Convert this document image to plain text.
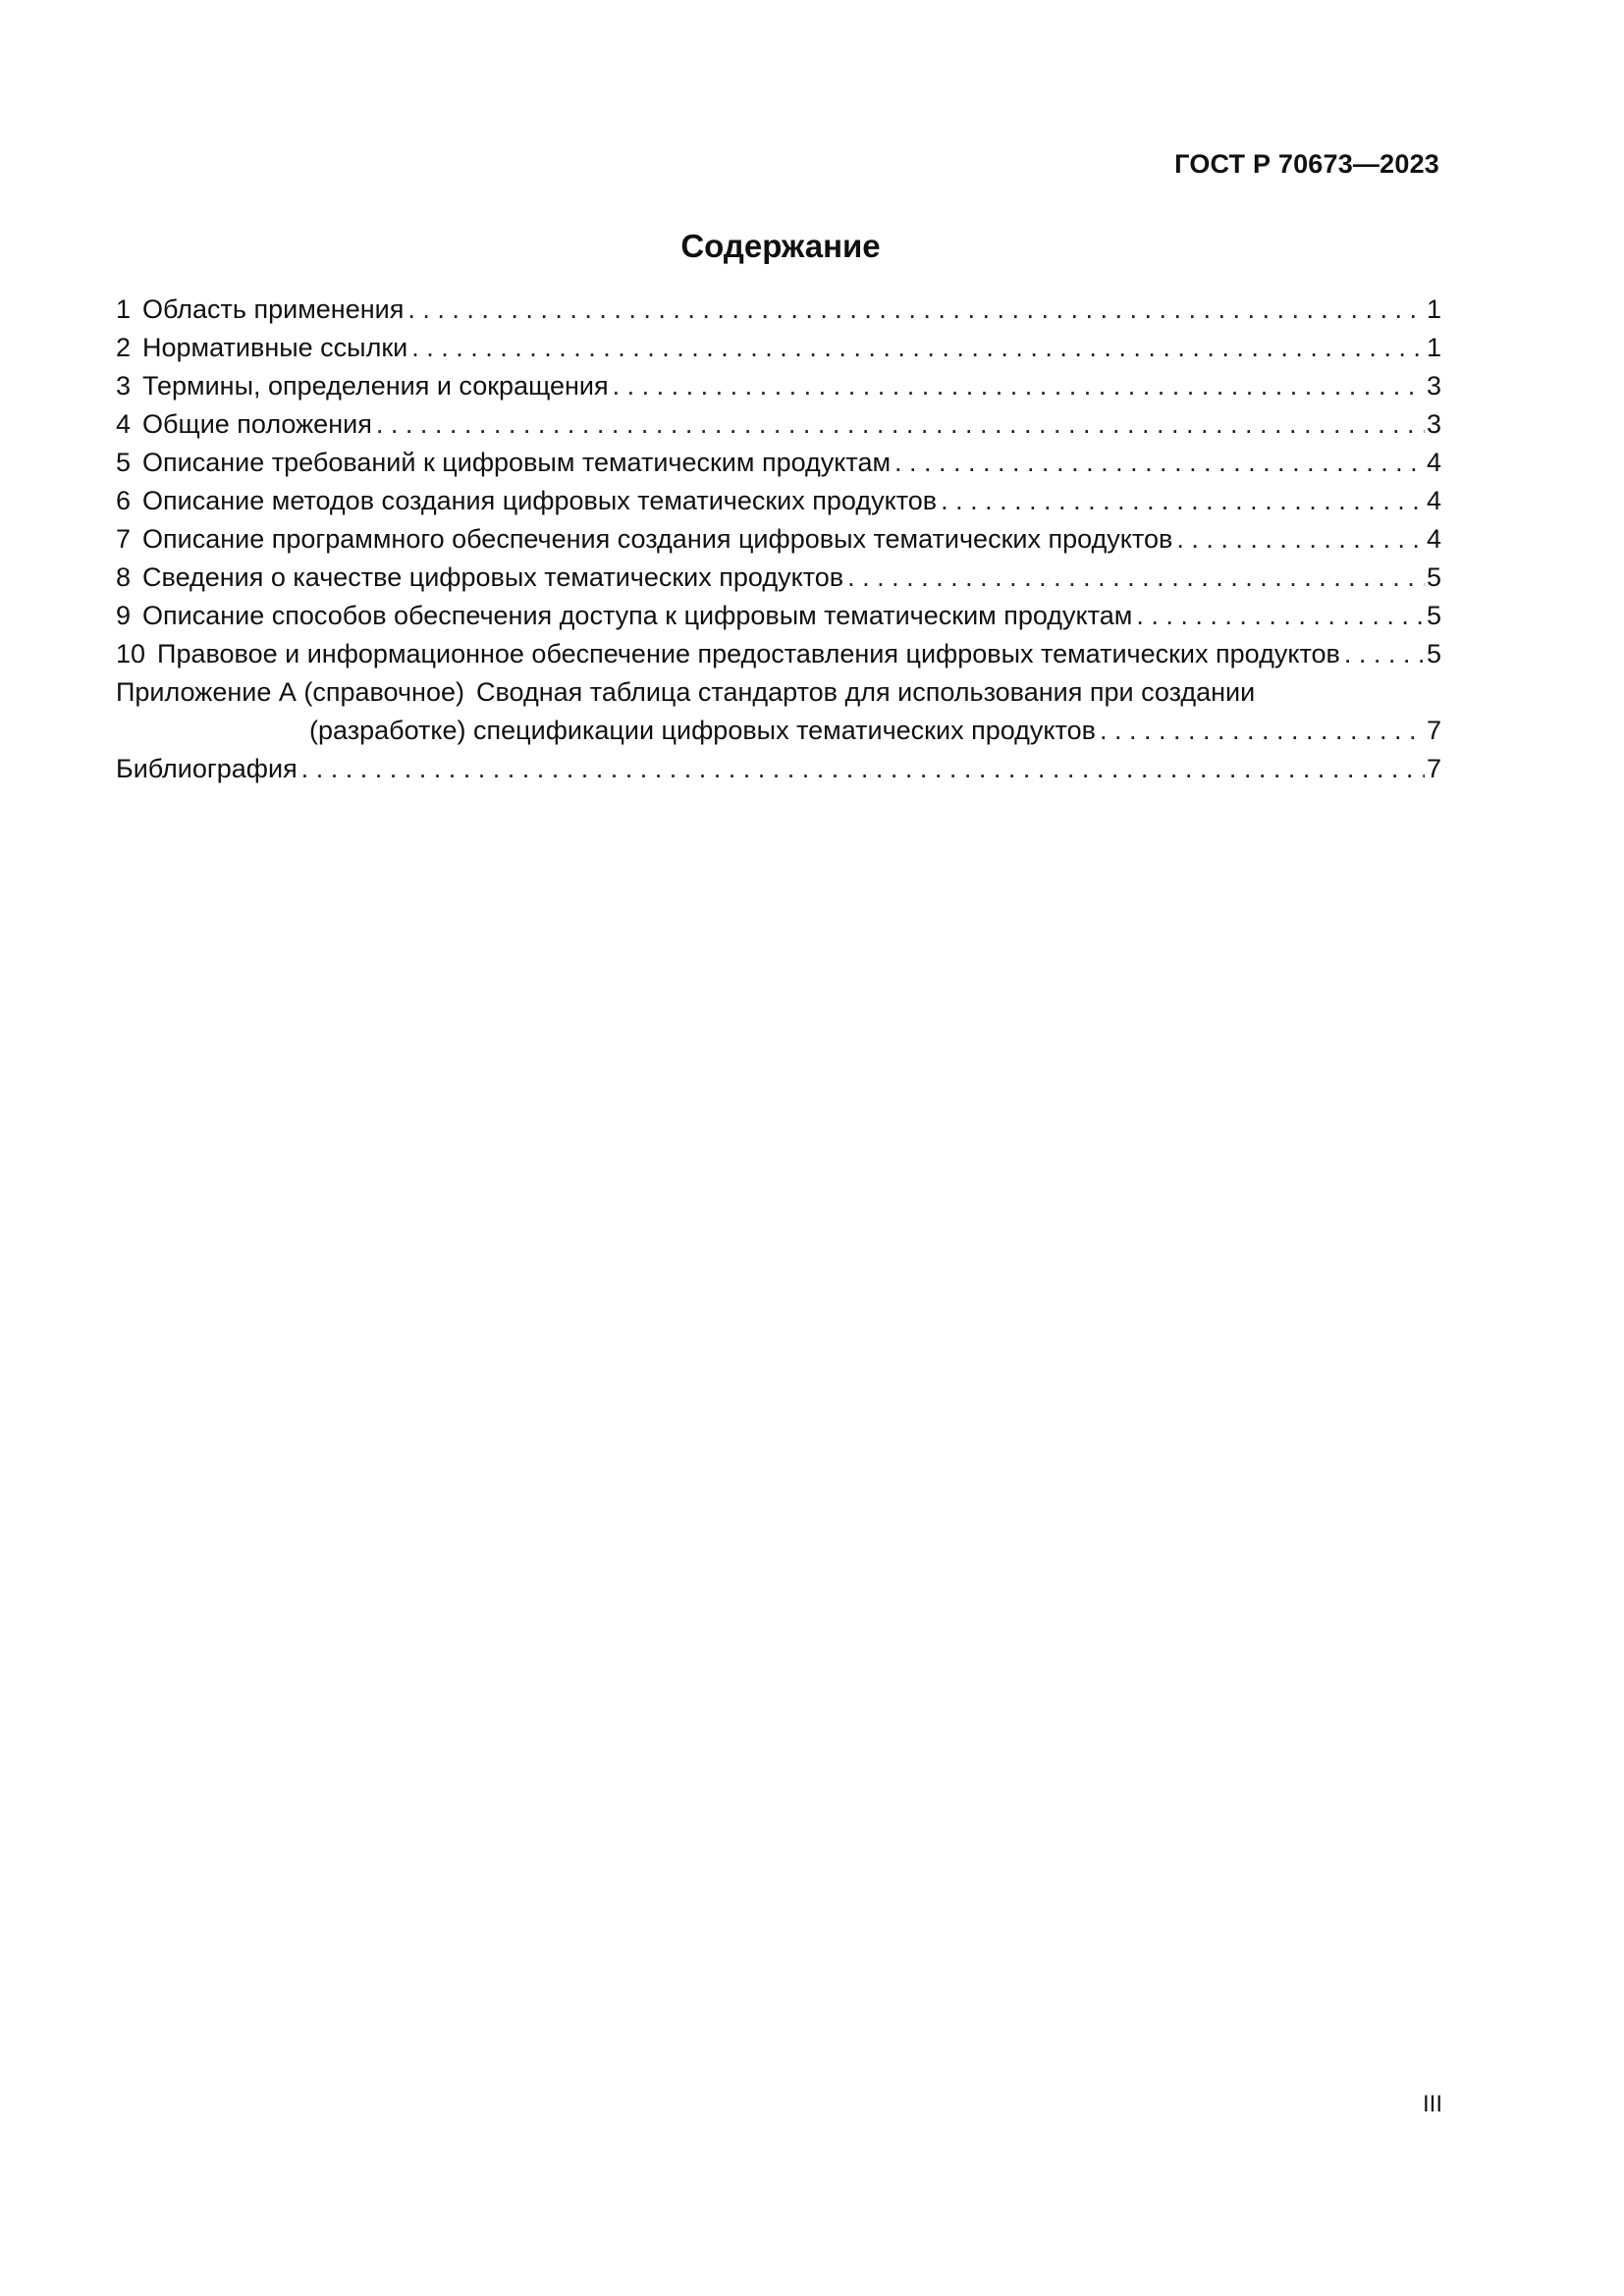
ГОСТ Р 70673—2023
Содержание
1 Область применения . . .	1
2 Нормативные ссылки . . .	1
3 Термины, определения и сокращения . . .	3
4 Общие положения . . .	3
5 Описание требований к цифровым тематическим продуктам . . .	4
6 Описание методов создания цифровых тематических продуктов . . .	4
7 Описание программного обеспечения создания цифровых тематических продуктов . . .	4
8 Сведения о качестве цифровых тематических продуктов . . .	5
9 Описание способов обеспечения доступа к цифровым тематическим продуктам . . .	5
10 Правовое и информационное обеспечение предоставления цифровых тематических продуктов . . .	5
Приложение А (справочное) Сводная таблица стандартов для использования при создании
(разработке) спецификации цифровых тематических продуктов . . .	7
Библиография . . .	7
III
